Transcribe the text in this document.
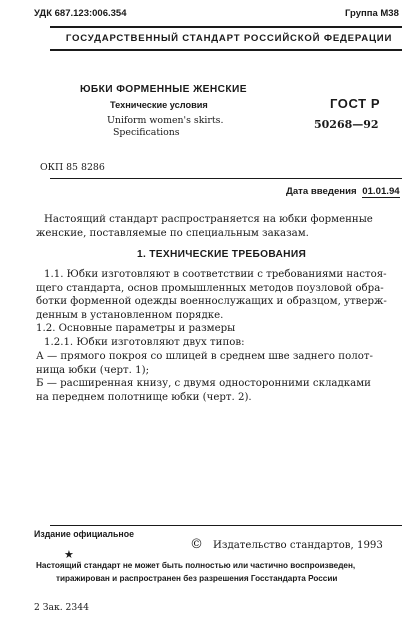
УДК 687.123:006.354	Группа М38
ГОСУДАРСТВЕННЫЙ СТАНДАРТ РОССИЙСКОЙ ФЕДЕРАЦИИ
ЮБКИ ФОРМЕННЫЕ ЖЕНСКИЕ
Технические условия
Uniform women's skirts.
Specifications
ГОСТ Р
50268—92
ОКП 85 8286
Дата введения 01.01.94
Настоящий стандарт распространяется на юбки форменные
женские, поставляемые по специальным заказам.
1. ТЕХНИЧЕСКИЕ ТРЕБОВАНИЯ
1.1. Юбки изготовляют в соответствии с требованиями настоя-
щего стандарта, основ промышленных методов поузловой обра-
ботки форменной одежды военнослужащих и образцом, утверж-
денным в установленном порядке.
1.2. Основные параметры и размеры
1.2.1. Юбки изготовляют двух типов:
А — прямого покроя со шлицей в среднем шве заднего полот-
нища юбки (черт. 1);
Б — расширенная книзу, с двумя односторонними складками
на переднем полотнище юбки (черт. 2).
Издание официальное
★
© Издательство стандартов, 1993
Настоящий стандарт не может быть полностью или частично воспроизведен,
тиражирован и распространен без разрешения Госстандарта России
2 Зак. 2344
